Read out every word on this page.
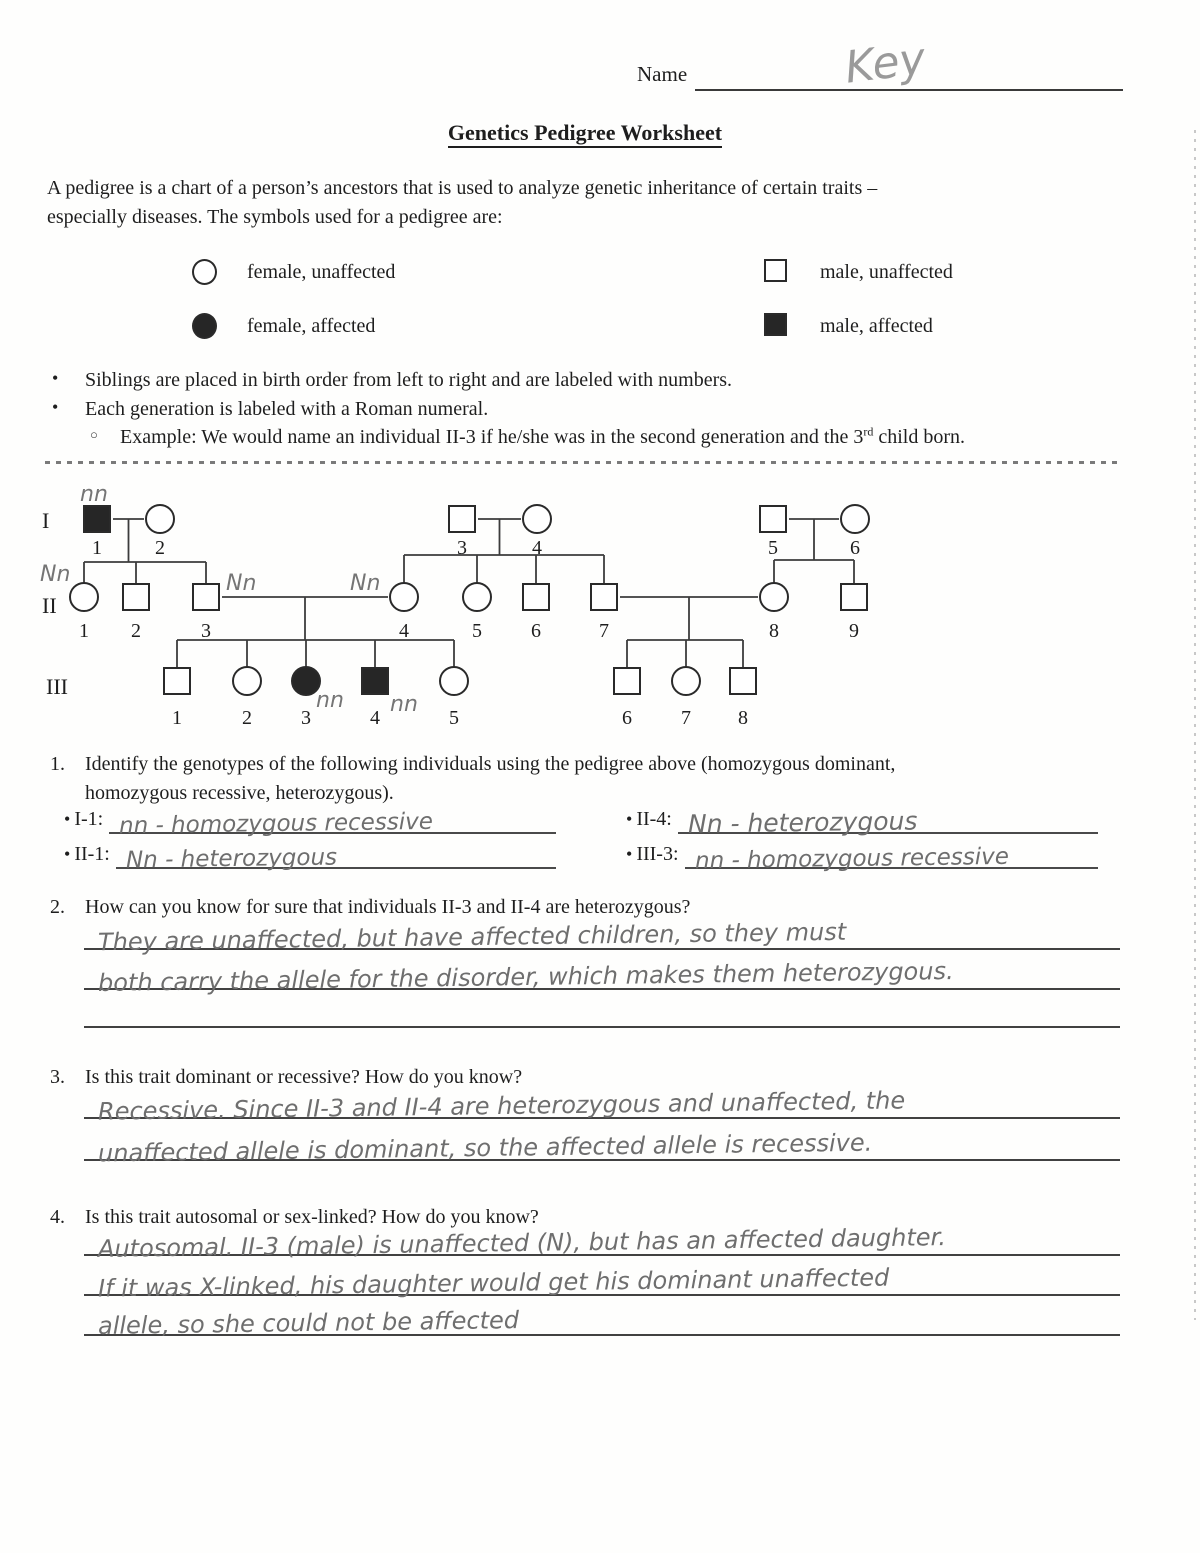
1
nn
2	3	4	5	6
1
Nn
2	3
Nn
4
Nn
5 6	7	8	9
1	2 3
nn
4
nn
5	6 7 8
I
II
III
Name	Key
Genetics Pedigree Worksheet
A pedigree is a chart of a person’s ancestors that is used to analyze genetic inheritance of certain traits –
especially diseases. The symbols used for a pedigree are:
female, unaffected	male, unaffected
female, affected	male, affected
• Siblings are placed in birth order from left to right and are labeled with numbers.
• Each generation is labeled with a Roman numeral.
○ Example: We would name an individual II-3 if he/she was in the second generation and the 3rd child born.
1. Identify the genotypes of the following individuals using the pedigree above (homozygous dominant,
homozygous recessive, heterozygous).
• I-1: nn - homozygous recessive
• II-1: Nn - heterozygous
• II-4: Nn - heterozygous
• III-3: nn - homozygous recessive
2. How can you know for sure that individuals II-3 and II-4 are heterozygous?
They are unaffected, but have affected children, so they must
both carry the allele for the disorder, which makes them heterozygous.
3. Is this trait dominant or recessive? How do you know?
Recessive. Since II-3 and II-4 are heterozygous and unaffected, the
unaffected allele is dominant, so the affected allele is recessive.
4. Is this trait autosomal or sex-linked? How do you know?
Autosomal. II-3 (male) is unaffected (N), but has an affected daughter.
If it was X-linked, his daughter would get his dominant unaffected
allele, so she could not be affected
